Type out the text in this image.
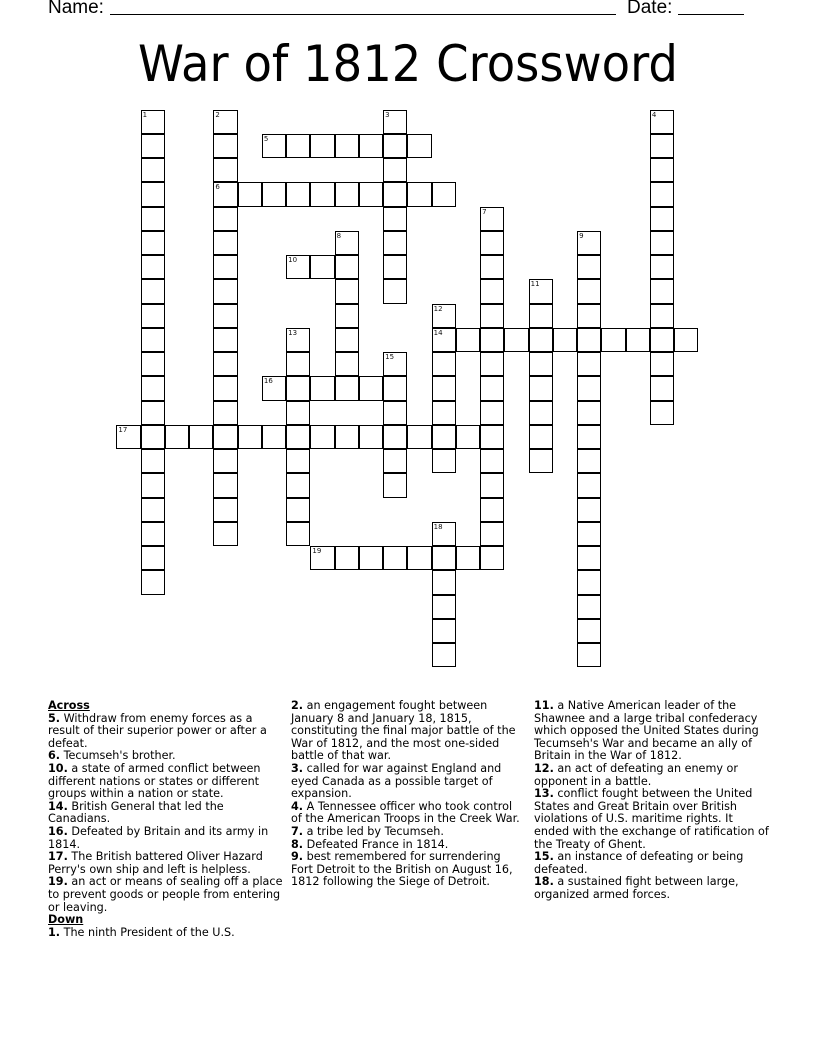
Name:	Date:
War of 1812 Crossword
5
6
10
14
16
17
19
1	2	3	4
7
8	9
11
12
13
15
18
Across
5. Withdraw from enemy forces as a result of their superior power or after a defeat.
6. Tecumseh's brother.
10. a state of armed conflict between different nations or states or different groups within a nation or state.
14. British General that led the Canadians.
16. Defeated by Britain and its army in 1814.
17. The British battered Oliver Hazard Perry's own ship and left is helpless.
19. an act or means of sealing off a place to prevent goods or people from entering or leaving.
Down
1. The ninth President of the U.S.
2. an engagement fought between January 8 and January 18, 1815, constituting the final major battle of the War of 1812, and the most one-sided battle of that war.
3. called for war against England and eyed Canada as a possible target of expansion.
4. A Tennessee officer who took control of the American Troops in the Creek War.
7. a tribe led by Tecumseh.
8. Defeated France in 1814.
9. best remembered for surrendering Fort Detroit to the British on August 16, 1812 following the Siege of Detroit.
11. a Native American leader of the Shawnee and a large tribal confederacy which opposed the United States during Tecumseh's War and became an ally of Britain in the War of 1812.
12. an act of defeating an enemy or opponent in a battle.
13. conflict fought between the United States and Great Britain over British violations of U.S. maritime rights. It ended with the exchange of ratification of the Treaty of Ghent.
15. an instance of defeating or being defeated.
18. a sustained fight between large, organized armed forces.
